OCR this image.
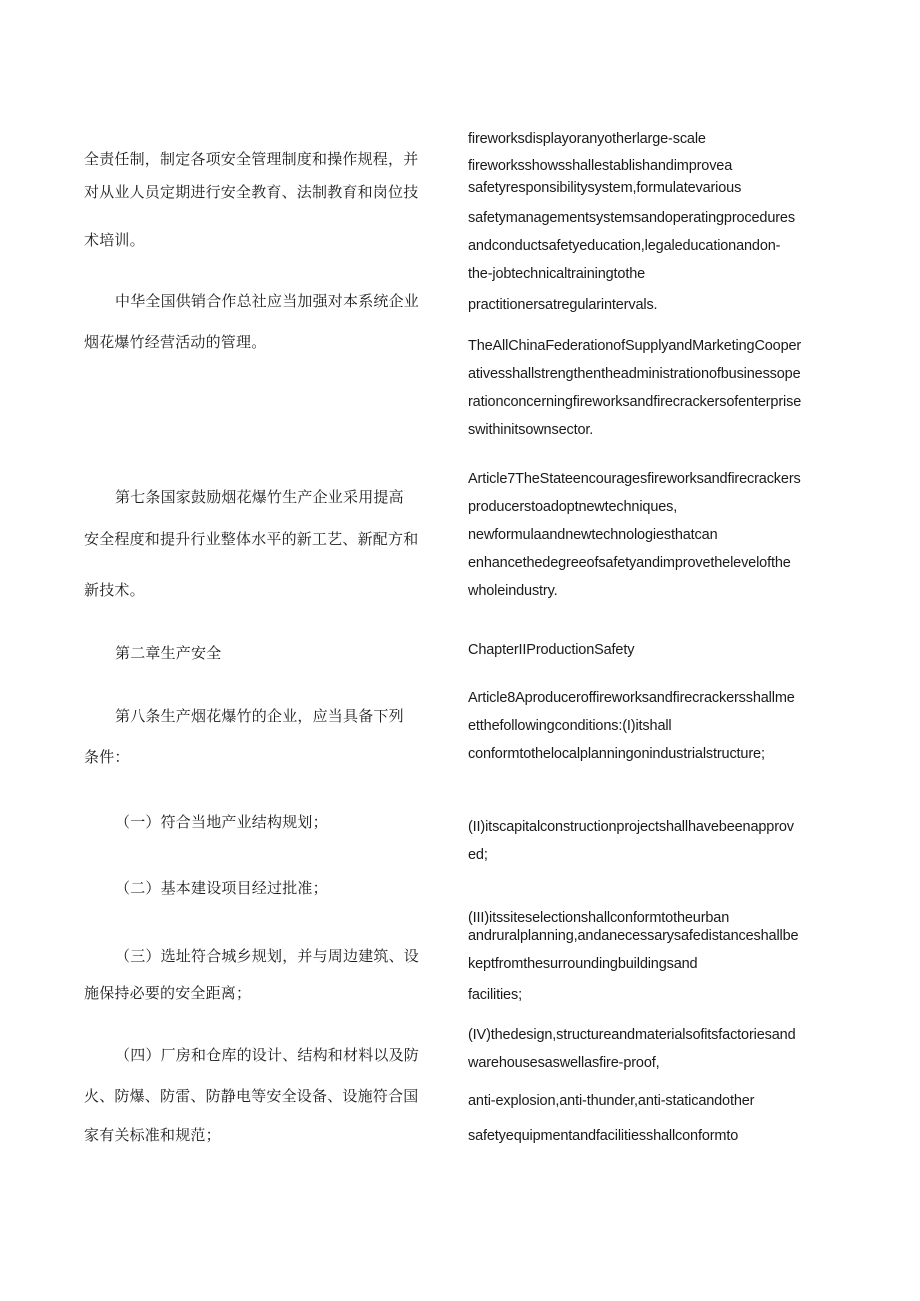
全责任制，制定各项安全管理制度和操作规程，并
对从业人员定期进行安全教育、法制教育和岗位技
术培训。
中华全国供销合作总社应当加强对本系统企业
烟花爆竹经营活动的管理。
第七条国家鼓励烟花爆竹生产企业采用提高
安全程度和提升行业整体水平的新工艺、新配方和
新技术。
第二章生产安全
第八条生产烟花爆竹的企业，应当具备下列
条件：
（一）符合当地产业结构规划；
（二）基本建设项目经过批准；
（三）选址符合城乡规划，并与周边建筑、设
施保持必要的安全距离；
（四）厂房和仓库的设计、结构和材料以及防
火、防爆、防雷、防静电等安全设备、设施符合国
家有关标准和规范；
fireworksdisplayoranyotherlarge-scale
fireworksshowsshallestablishandimprovea
safetyresponsibilitysystem,formulatevarious
safetymanagementsystemsandoperatingprocedures
andconductsafetyeducation,legaleducationandon-
the-jobtechnicaltrainingtothe
practitionersatregularintervals.
TheAllChinaFederationofSupplyandMarketingCooper
ativesshallstrengthentheadministrationofbusinessope
rationconcerningfireworksandfirecrackersofenterprise
swithinitsownsector.
Article7TheStateencouragesfireworksandfirecrackers
producerstoadoptnewtechniques,
newformulaandnewtechnologiesthatcan
enhancethedegreeofsafetyandimprovethelevelofthe
wholeindustry.
ChapterIIProductionSafety
Article8Aproduceroffireworksandfirecrackersshallme
etthefollowingconditions:(I)itshall
conformtothelocalplanningonindustrialstructure;
(II)itscapitalconstructionprojectshallhavebeenapprov
ed;
(III)itssiteselectionshallconformtotheurban
andruralplanning,andanecessarysafedistanceshallbe
keptfromthesurroundingbuildingsand
facilities;
(IV)thedesign,structureandmaterialsofitsfactoriesand
warehousesaswellasfire-proof,
anti-explosion,anti-thunder,anti-staticandother
safetyequipmentandfacilitiesshallconformto
